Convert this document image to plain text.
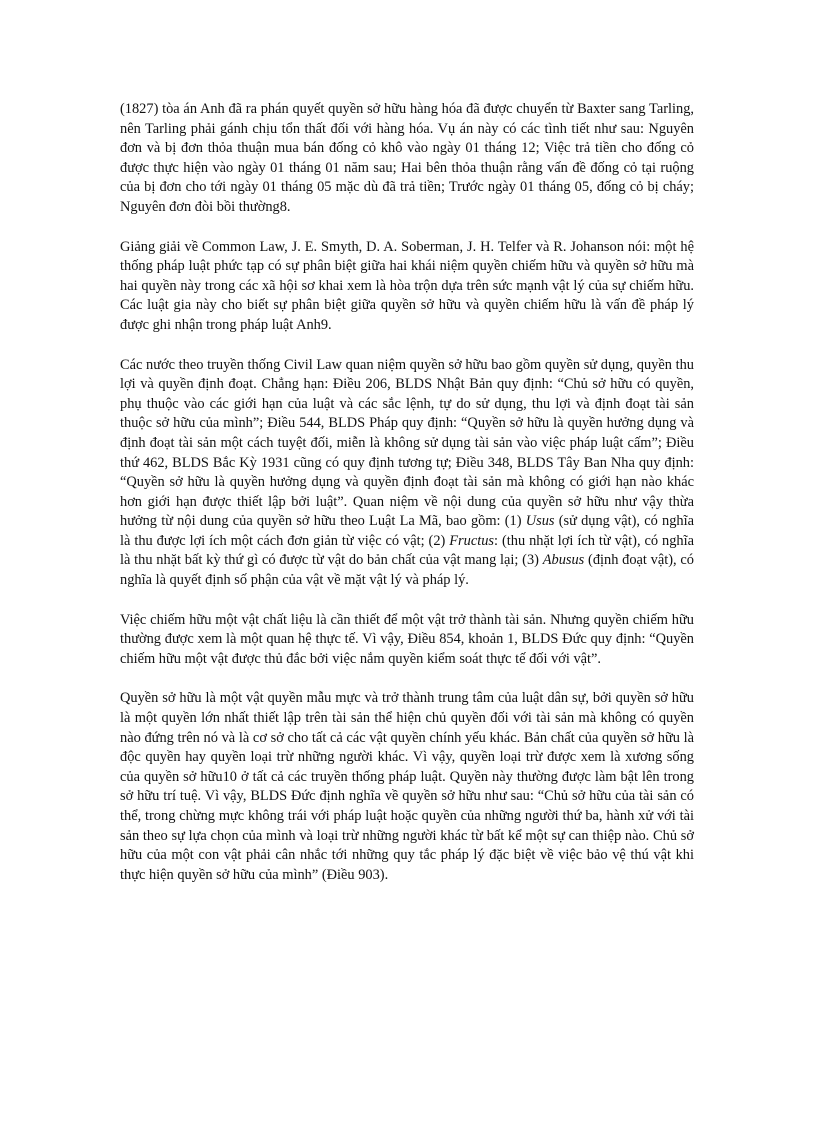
(1827) tòa án Anh đã ra phán quyết quyền sở hữu hàng hóa đã được chuyển từ Baxter sang Tarling, nên Tarling phải gánh chịu tổn thất đối với hàng hóa. Vụ án này có các tình tiết như sau: Nguyên đơn và bị đơn thỏa thuận mua bán đống cỏ khô vào ngày 01 tháng 12; Việc trả tiền cho đống cỏ được thực hiện vào ngày 01 tháng 01 năm sau; Hai bên thỏa thuận rằng vấn đề đống cỏ tại ruộng của bị đơn cho tới ngày 01 tháng 05 mặc dù đã trả tiền; Trước ngày 01 tháng 05, đống cỏ bị cháy; Nguyên đơn đòi bồi thường8.

Giảng giải về Common Law, J. E. Smyth, D. A. Soberman, J. H. Telfer và R. Johanson nói: một hệ thống pháp luật phức tạp có sự phân biệt giữa hai khái niệm quyền chiếm hữu và quyền sở hữu mà hai quyền này trong các xã hội sơ khai xem là hòa trộn dựa trên sức mạnh vật lý của sự chiếm hữu. Các luật gia này cho biết sự phân biệt giữa quyền sở hữu và quyền chiếm hữu là vấn đề pháp lý được ghi nhận trong pháp luật Anh9.

Các nước theo truyền thống Civil Law quan niệm quyền sở hữu bao gồm quyền sử dụng, quyền thu lợi và quyền định đoạt. Chẳng hạn: Điều 206, BLDS Nhật Bản quy định: “Chủ sở hữu có quyền, phụ thuộc vào các giới hạn của luật và các sắc lệnh, tự do sử dụng, thu lợi và định đoạt tài sản thuộc sở hữu của mình”; Điều 544, BLDS Pháp quy định: “Quyền sở hữu là quyền hưởng dụng và định đoạt tài sản một cách tuyệt đối, miễn là không sử dụng tài sản vào việc pháp luật cấm”; Điều thứ 462, BLDS Bắc Kỳ 1931 cũng có quy định tương tự; Điều 348, BLDS Tây Ban Nha quy định: “Quyền sở hữu là quyền hưởng dụng và quyền định đoạt tài sản mà không có giới hạn nào khác hơn giới hạn được thiết lập bởi luật”. Quan niệm về nội dung của quyền sở hữu như vậy thừa hưởng từ nội dung của quyền sở hữu theo Luật La Mã, bao gồm: (1) Usus (sử dụng vật), có nghĩa là thu được lợi ích một cách đơn giản từ việc có vật; (2) Fructus: (thu nhặt lợi ích từ vật), có nghĩa là thu nhặt bất kỳ thứ gì có được từ vật do bản chất của vật mang lại; (3) Abusus (định đoạt vật), có nghĩa là quyết định số phận của vật về mặt vật lý và pháp lý.

Việc chiếm hữu một vật chất liệu là cần thiết để một vật trở thành tài sản. Nhưng quyền chiếm hữu thường được xem là một quan hệ thực tế. Vì vậy, Điều 854, khoản 1, BLDS Đức quy định: “Quyền chiếm hữu một vật được thủ đắc bởi việc nắm quyền kiểm soát thực tế đối với vật”.

Quyền sở hữu là một vật quyền mẫu mực và trở thành trung tâm của luật dân sự, bởi quyền sở hữu là một quyền lớn nhất thiết lập trên tài sản thể hiện chủ quyền đối với tài sản mà không có quyền nào đứng trên nó và là cơ sở cho tất cả các vật quyền chính yếu khác. Bản chất của quyền sở hữu là độc quyền hay quyền loại trừ những người khác. Vì vậy, quyền loại trừ được xem là xương sống của quyền sở hữu10 ở tất cả các truyền thống pháp luật. Quyền này thường được làm bật lên trong sở hữu trí tuệ. Vì vậy, BLDS Đức định nghĩa về quyền sở hữu như sau: “Chủ sở hữu của tài sản có thể, trong chừng mực không trái với pháp luật hoặc quyền của những người thứ ba, hành xử với tài sản theo sự lựa chọn của mình và loại trừ những người khác từ bất kể một sự can thiệp nào. Chủ sở hữu của một con vật phải cân nhắc tới những quy tắc pháp lý đặc biệt về việc bảo vệ thú vật khi thực hiện quyền sở hữu của mình” (Điều 903).
